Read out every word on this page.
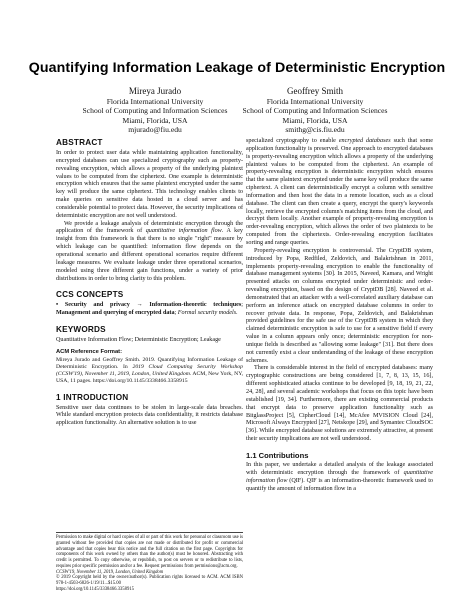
Quantifying Information Leakage of Deterministic Encryption
Mireya Jurado
Florida International University
School of Computing and Information Sciences
Miami, Florida, USA
mjurado@fiu.edu
Geoffrey Smith
Florida International University
School of Computing and Information Sciences
Miami, Florida, USA
smithg@cis.fiu.edu
ABSTRACT

In order to protect user data while maintaining application functionality, encrypted databases can use specialized cryptography such as property-revealing encryption, which allows a property of the underlying plaintext values to be computed from the ciphertext. One example is deterministic encryption which ensures that the same plaintext encrypted under the same key will produce the same ciphertext. This technology enables clients to make queries on sensitive data hosted in a cloud server and has considerable potential to protect data. However, the security implications of deterministic encryption are not well understood.

We provide a leakage analysis of deterministic encryption through the application of the framework of quantitative information flow. A key insight from this framework is that there is no single "right" measure by which leakage can be quantified: information flow depends on the operational scenario and different operational scenarios require different leakage measures. We evaluate leakage under three operational scenarios, modeled using three different gain functions, under a variety of prior distributions in order to bring clarity to this problem.

CCS CONCEPTS

• Security and privacy → Information-theoretic techniques; Management and querying of encrypted data; Formal security models.

KEYWORDS

Quantitative Information Flow; Deterministic Encryption; Leakage

ACM Reference Format:

Mireya Jurado and Geoffrey Smith. 2019. Quantifying Information Leakage of Deterministic Encryption. In 2019 Cloud Computing Security Workshop (CCSW'19), November 11, 2019, London, United Kingdom. ACM, New York, NY, USA, 11 pages. https://doi.org/10.1145/3338466.3358915

1 INTRODUCTION

Sensitive user data continues to be stolen in large-scale data breaches. While standard encryption protects data confidentiality, it restricts database application functionality. An alternative solution is to use

Permission to make digital or hard copies of all or part of this work for personal or classroom use is granted without fee provided that copies are not made or distributed for profit or commercial advantage and that copies bear this notice and the full citation on the first page. Copyrights for components of this work owned by others than the author(s) must be honored. Abstracting with credit is permitted. To copy otherwise, or republish, to post on servers or to redistribute to lists, requires prior specific permission and/or a fee. Request permissions from permissions@acm.org.
CCSW'19, November 11, 2019, London, United Kingdom
© 2019 Copyright held by the owner/author(s). Publication rights licensed to ACM. ACM ISBN 978-1-4503-6826-1/19/11...$15.00
https://doi.org/10.1145/3338466.3358915

specialized cryptography to enable encrypted databases such that some application functionality is preserved. One approach to encrypted databases is property-revealing encryption which allows a property of the underlying plaintext values to be computed from the ciphertext. An example of property-revealing encryption is deterministic encryption which ensures that the same plaintext encrypted under the same key will produce the same ciphertext. A client can deterministically encrypt a column with sensitive information and then host the data in a remote location, such as a cloud database. The client can then create a query, encrypt the query's keywords locally, retrieve the encrypted column's matching items from the cloud, and decrypt them locally. Another example of property-revealing encryption is order-revealing encryption, which allows the order of two plaintexts to be computed from the ciphertexts. Order-revealing encryption facilitates sorting and range queries.

Property-revealing encryption is controversial. The CryptDB system, introduced by Popa, Redfiled, Zeldovich, and Balakrishnan in 2011, implements property-revealing encryption to enable the functionality of database management systems [30]. In 2015, Naveed, Kamara, and Wright presented attacks on columns encrypted under deterministic and order-revealing encryption, based on the design of CryptDB [28]. Naveed et al. demonstrated that an attacker with a well-correlated auxiliary database can perform an inference attack on encrypted database columns in order to recover private data. In response, Popa, Zeldovich, and Balakrishnan provided guidelines for the safe use of the CryptDB system in which they claimed deterministic encryption is safe to use for a sensitive field if every value in a column appears only once; deterministic encryption for non-unique fields is described as "allowing some leakage" [31]. But there does not currently exist a clear understanding of the leakage of these encryption schemes.

There is considerable interest in the field of encrypted databases: many cryptographic constructions are being considered [1, 7, 8, 13, 15, 16], different sophisticated attacks continue to be developed [9, 18, 19, 21, 22, 24, 28], and several academic workshops that focus on this topic have been established [19, 34]. Furthermore, there are existing commercial products that encrypt data to preserve application functionality such as BitglassProject [5], CipherCloud [14], McAfee MVISION Cloud [24], Microsoft Always Encrypted [27], Netskope [29], and Symantec CloudSOC [36]. While encrypted database solutions are extremely attractive, at present their security implications are not well understood.

1.1 Contributions

In this paper, we undertake a detailed analysis of the leakage associated with deterministic encryption through the framework of quantitative information flow (QIF). QIF is an information-theoretic framework used to quantify the amount of information flow in a
